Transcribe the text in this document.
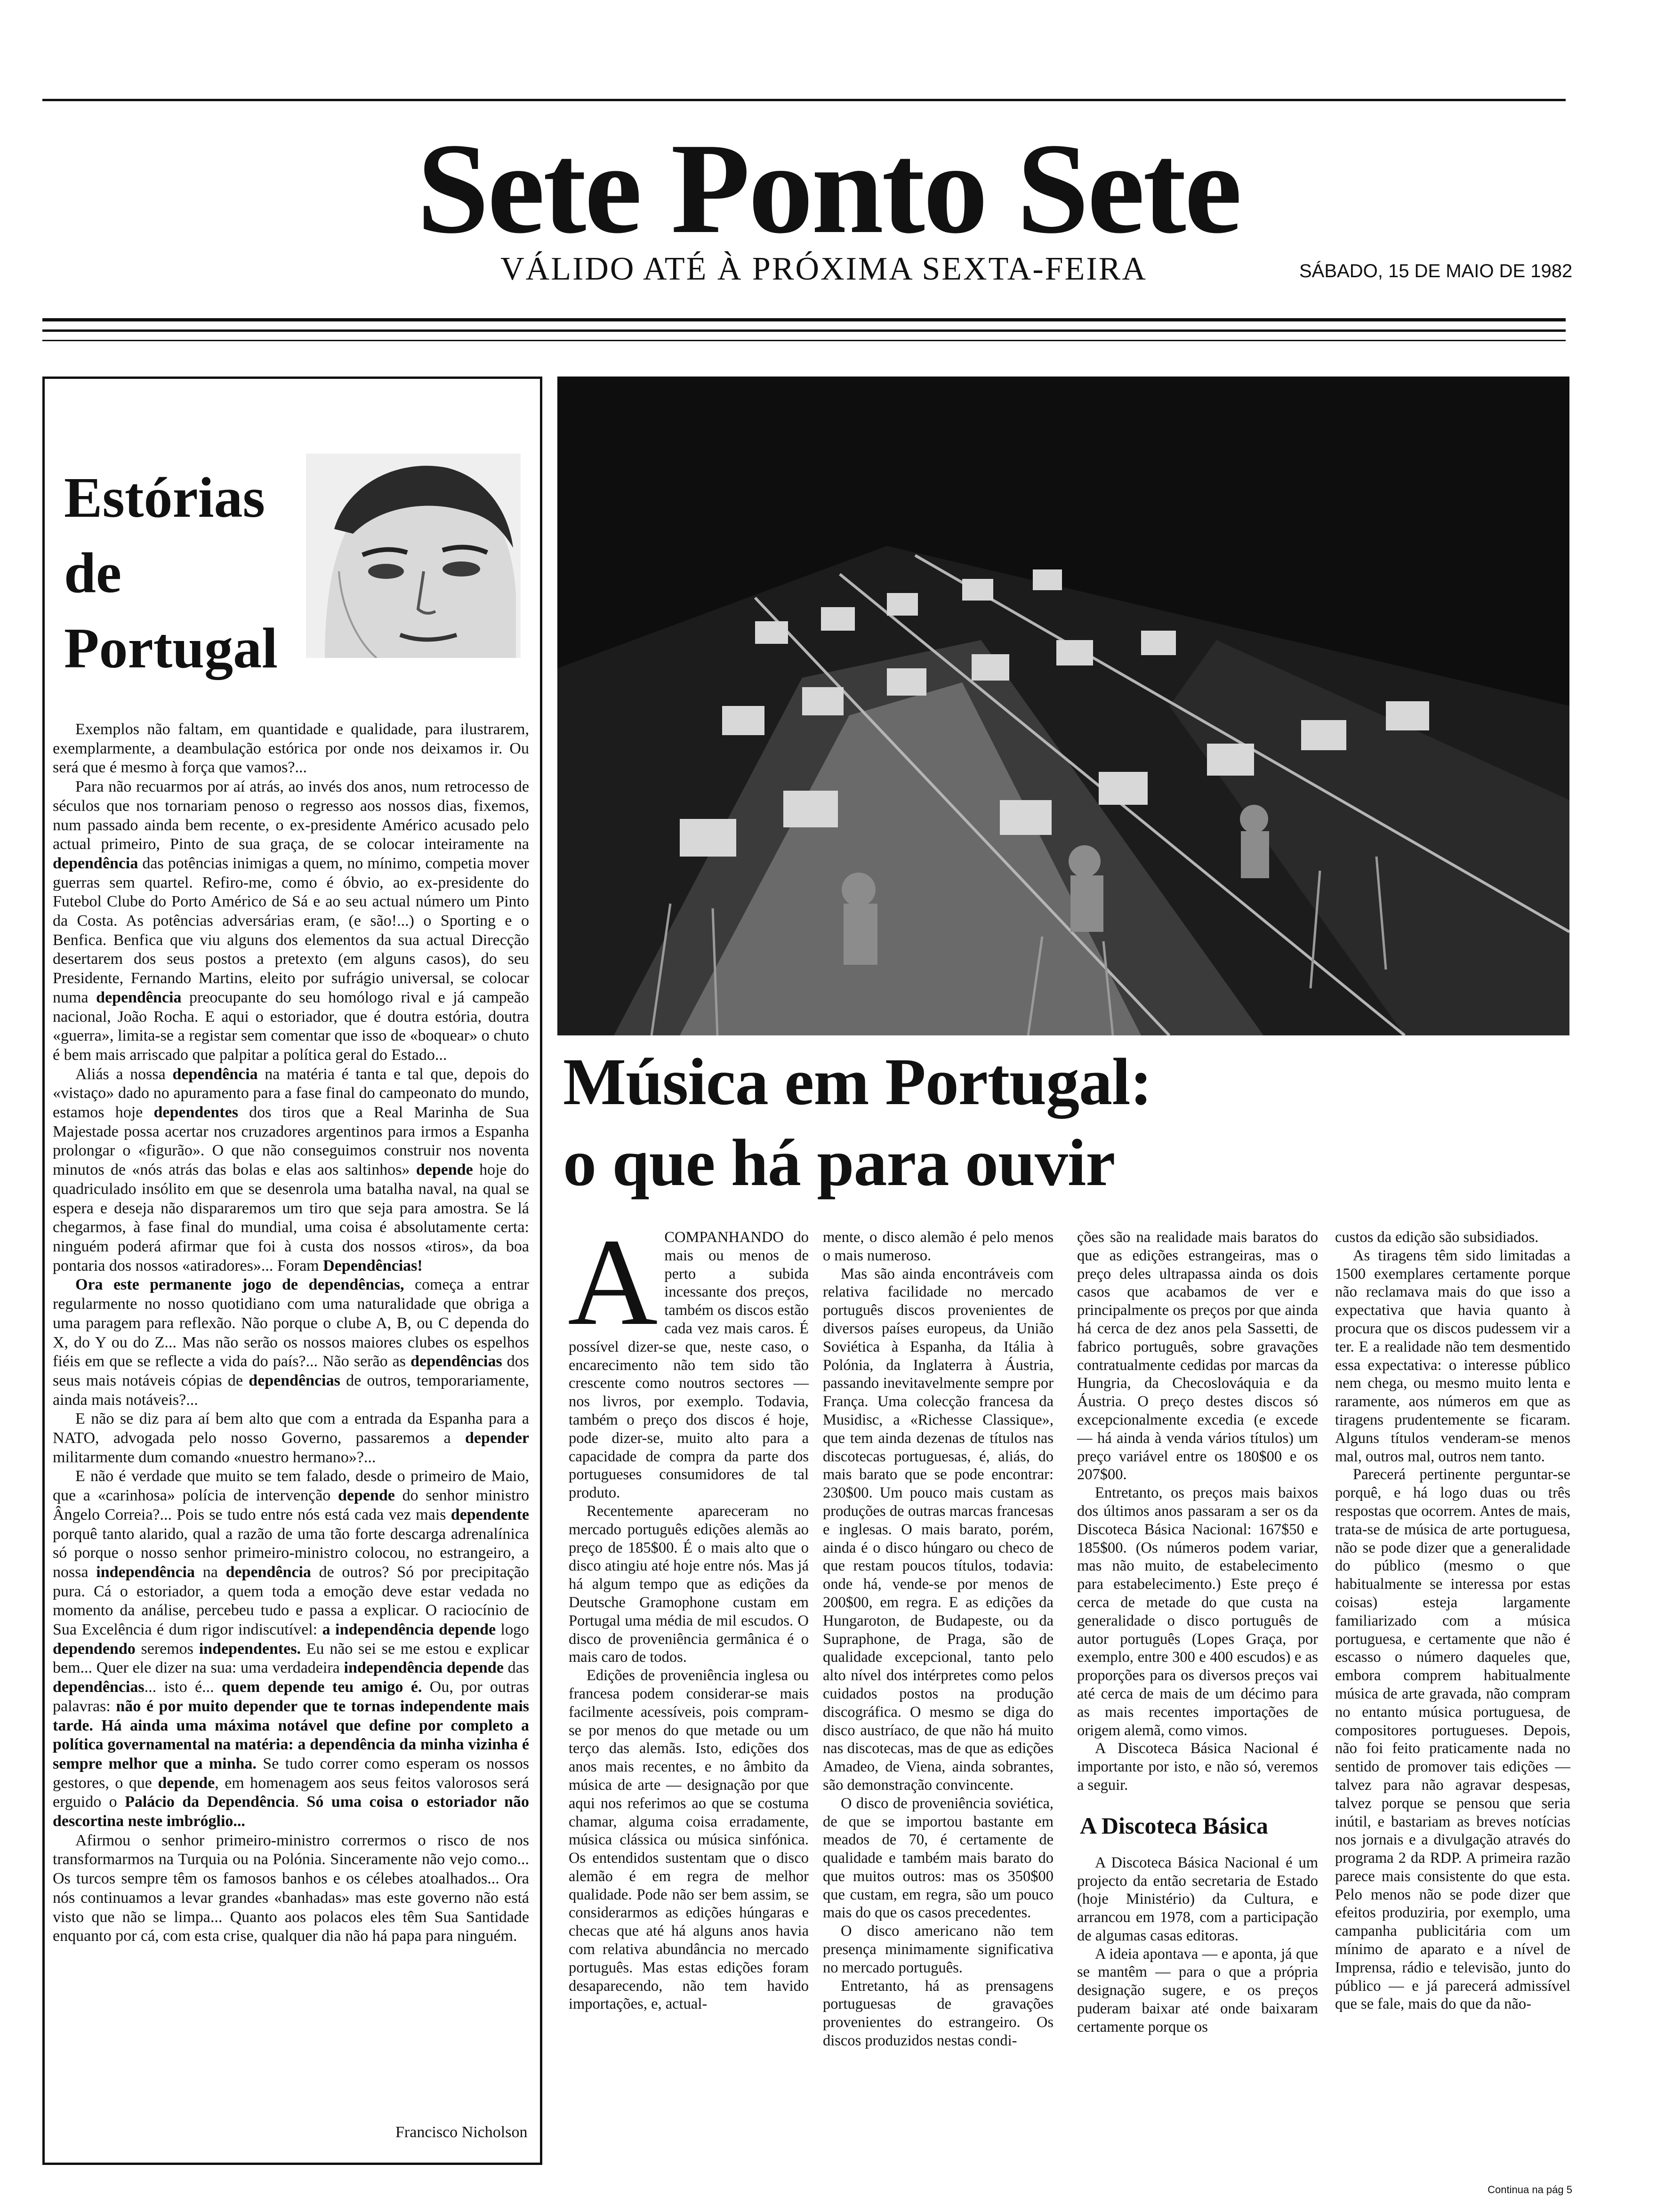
Sete Ponto Sete
VÁLIDO ATÉ À PRÓXIMA SEXTA-FEIRA	SÁBADO, 15 DE MAIO DE 1982
Estórias
de
Portugal

Exemplos não faltam, em quantidade e qualidade, para ilustrarem, exemplarmente, a deambulação estórica por onde nos deixamos ir. Ou será que é mesmo à força que vamos?...

Para não recuarmos por aí atrás, ao invés dos anos, num retrocesso de séculos que nos tornariam penoso o regresso aos nossos dias, fixemos, num passado ainda bem recente, o ex-presidente Américo acusado pelo actual primeiro, Pinto de sua graça, de se colocar inteiramente na dependência das potências inimigas a quem, no mínimo, competia mover guerras sem quartel. Refiro-me, como é óbvio, ao ex-presidente do Futebol Clube do Porto Américo de Sá e ao seu actual número um Pinto da Costa. As potências adversárias eram, (e são!...) o Sporting e o Benfica. Benfica que viu alguns dos elementos da sua actual Direcção desertarem dos seus postos a pretexto (em alguns casos), do seu Presidente, Fernando Martins, eleito por sufrágio universal, se colocar numa dependência preocupante do seu homólogo rival e já campeão nacional, João Rocha. E aqui o estoriador, que é doutra estória, doutra «guerra», limita-se a registar sem comentar que isso de «boquear» o chuto é bem mais arriscado que palpitar a política geral do Estado...

Aliás a nossa dependência na matéria é tanta e tal que, depois do «vistaço» dado no apuramento para a fase final do campeonato do mundo, estamos hoje dependentes dos tiros que a Real Marinha de Sua Majestade possa acertar nos cruzadores argentinos para irmos a Espanha prolongar o «figurão». O que não conseguimos construir nos noventa minutos de «nós atrás das bolas e elas aos saltinhos» depende hoje do quadriculado insólito em que se desenrola uma batalha naval, na qual se espera e deseja não dispararemos um tiro que seja para amostra. Se lá chegarmos, à fase final do mundial, uma coisa é absolutamente certa: ninguém poderá afirmar que foi à custa dos nossos «tiros», da boa pontaria dos nossos «atiradores»... Foram Dependências!

Ora este permanente jogo de dependências, começa a entrar regularmente no nosso quotidiano com uma naturalidade que obriga a uma paragem para reflexão. Não porque o clube A, B, ou C dependa do X, do Y ou do Z... Mas não serão os nossos maiores clubes os espelhos fiéis em que se reflecte a vida do país?... Não serão as dependências dos seus mais notáveis cópias de dependências de outros, temporariamente, ainda mais notáveis?...

E não se diz para aí bem alto que com a entrada da Espanha para a NATO, advogada pelo nosso Governo, passaremos a depender militarmente dum comando «nuestro hermano»?...

E não é verdade que muito se tem falado, desde o primeiro de Maio, que a «carinhosa» polícia de intervenção depende do senhor ministro Ângelo Correia?... Pois se tudo entre nós está cada vez mais dependente porquê tanto alarido, qual a razão de uma tão forte descarga adrenalínica só porque o nosso senhor primeiro-ministro colocou, no estrangeiro, a nossa independência na dependência de outros? Só por precipitação pura. Cá o estoriador, a quem toda a emoção deve estar vedada no momento da análise, percebeu tudo e passa a explicar. O raciocínio de Sua Excelência é dum rigor indiscutível: a independência depende logo dependendo seremos independentes. Eu não sei se me estou e explicar bem... Quer ele dizer na sua: uma verdadeira independência depende das dependências... isto é... quem depende teu amigo é. Ou, por outras palavras: não é por muito depender que te tornas independente mais tarde. Há ainda uma máxima notável que define por completo a política governamental na matéria: a dependência da minha vizinha é sempre melhor que a minha. Se tudo correr como esperam os nossos gestores, o que depende, em homenagem aos seus feitos valorosos será erguido o Palácio da Dependência. Só uma coisa o estoriador não descortina neste imbróglio...

Afirmou o senhor primeiro-ministro corrermos o risco de nos transformarmos na Turquia ou na Polónia. Sinceramente não vejo como... Os turcos sempre têm os famosos banhos e os célebes atoalhados... Ora nós continuamos a levar grandes «banhadas» mas este governo não está visto que não se limpa... Quanto aos polacos eles têm Sua Santidade enquanto por cá, com esta crise, qualquer dia não há papa para ninguém.

Francisco Nicholson
Música em Portugal:
o que há para ouvir

ACOMPANHANDO do mais ou menos de perto a subida incessante dos preços, também os discos estão cada vez mais caros. É possível dizer-se que, neste caso, o encarecimento não tem sido tão crescente como noutros sectores — nos livros, por exemplo. Todavia, também o preço dos discos é hoje, pode dizer-se, muito alto para a capacidade de compra da parte dos portugueses consumidores de tal produto.

Recentemente apareceram no mercado português edições alemãs ao preço de 185$00. É o mais alto que o disco atingiu até hoje entre nós. Mas já há algum tempo que as edições da Deutsche Gramophone custam em Portugal uma média de mil escudos. O disco de proveniência germânica é o mais caro de todos.

Edições de proveniência inglesa ou francesa podem considerar-se mais facilmente acessíveis, pois compram-se por menos do que metade ou um terço das alemãs. Isto, edições dos anos mais recentes, e no âmbito da música de arte — designação por que aqui nos referimos ao que se costuma chamar, alguma coisa erradamente, música clássica ou música sinfónica. Os entendidos sustentam que o disco alemão é em regra de melhor qualidade. Pode não ser bem assim, se considerarmos as edições húngaras e checas que até há alguns anos havia com relativa abundância no mercado português. Mas estas edições foram desaparecendo, não tem havido importações, e, actual-

mente, o disco alemão é pelo menos o mais numeroso.

Mas são ainda encontráveis com relativa facilidade no mercado português discos provenientes de diversos países europeus, da União Soviética à Espanha, da Itália à Polónia, da Inglaterra à Áustria, passando inevitavelmente sempre por França. Uma colecção francesa da Musidisc, a «Richesse Classique», que tem ainda dezenas de títulos nas discotecas portuguesas, é, aliás, do mais barato que se pode encontrar: 230$00. Um pouco mais custam as produções de outras marcas francesas e inglesas. O mais barato, porém, ainda é o disco húngaro ou checo de que restam poucos títulos, todavia: onde há, vende-se por menos de 200$00, em regra. E as edições da Hungaroton, de Budapeste, ou da Supraphone, de Praga, são de qualidade excepcional, tanto pelo alto nível dos intérpretes como pelos cuidados postos na produção discográfica. O mesmo se diga do disco austríaco, de que não há muito nas discotecas, mas de que as edições Amadeo, de Viena, ainda sobrantes, são demonstração convincente.

O disco de proveniência soviética, de que se importou bastante em meados de 70, é certamente de qualidade e também mais barato do que muitos outros: mas os 350$00 que custam, em regra, são um pouco mais do que os casos precedentes.

O disco americano não tem presença minimamente significativa no mercado português.

Entretanto, há as prensagens portuguesas de gravações provenientes do estrangeiro. Os discos produzidos nestas condi-

ções são na realidade mais baratos do que as edições estrangeiras, mas o preço deles ultrapassa ainda os dois casos que acabamos de ver e principalmente os preços por que ainda há cerca de dez anos pela Sassetti, de fabrico português, sobre gravações contratualmente cedidas por marcas da Hungria, da Checoslováquia e da Áustria. O preço destes discos só excepcionalmente excedia (e excede — há ainda à venda vários títulos) um preço variável entre os 180$00 e os 207$00.

Entretanto, os preços mais baixos dos últimos anos passaram a ser os da Discoteca Básica Nacional: 167$50 e 185$00. (Os números podem variar, mas não muito, de estabelecimento para estabelecimento.) Este preço é cerca de metade do que custa na generalidade o disco português de autor português (Lopes Graça, por exemplo, entre 300 e 400 escudos) e as proporções para os diversos preços vai até cerca de mais de um décimo para as mais recentes importações de origem alemã, como vimos.

A Discoteca Básica Nacional é importante por isto, e não só, veremos a seguir.

A Discoteca Básica

A Discoteca Básica Nacional é um projecto da então secretaria de Estado (hoje Ministério) da Cultura, e arrancou em 1978, com a participação de algumas casas editoras.

A ideia apontava — e aponta, já que se mantêm — para o que a própria designação sugere, e os preços puderam baixar até onde baixaram certamente porque os

custos da edição são subsidiados.

As tiragens têm sido limitadas a 1500 exemplares certamente porque não reclamava mais do que isso a expectativa que havia quanto à procura que os discos pudessem vir a ter. E a realidade não tem desmentido essa expectativa: o interesse público nem chega, ou mesmo muito lenta e raramente, aos números em que as tiragens prudentemente se ficaram. Alguns títulos venderam-se menos mal, outros mal, outros nem tanto.

Parecerá pertinente perguntar-se porquê, e há logo duas ou três respostas que ocorrem. Antes de mais, trata-se de música de arte portuguesa, não se pode dizer que a generalidade do público (mesmo o que habitualmente se interessa por estas coisas) esteja largamente familiarizado com a música portuguesa, e certamente que não é escasso o número daqueles que, embora comprem habitualmente música de arte gravada, não compram no entanto música portuguesa, de compositores portugueses. Depois, não foi feito praticamente nada no sentido de promover tais edições — talvez para não agravar despesas, talvez porque se pensou que seria inútil, e bastariam as breves notícias nos jornais e a divulgação através do programa 2 da RDP. A primeira razão parece mais consistente do que esta. Pelo menos não se pode dizer que efeitos produziria, por exemplo, uma campanha publicitária com um mínimo de aparato e a nível de Imprensa, rádio e televisão, junto do público — e já parecerá admissível que se fale, mais do que da não-

Continua na pág 5
